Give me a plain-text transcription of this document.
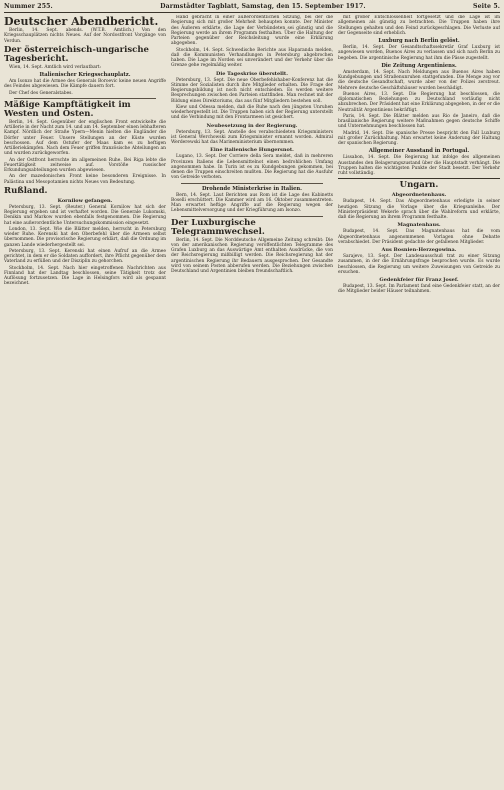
Nummer 255.	Darmstädter Tagblatt, Samstag, den 15. September 1917.	Seite 5.
Deutscher Abendbericht.

Berlin, 14. Sept. abends. (W.T.B. Amtlich.) Von den Kriegsschauplätzen nichts Neues. Auf der Nordostfront Vorgänge von Verdun.

Der österreichisch-ungarische Tagesbericht.

Wien, 14. Sept. Amtlich wird verlautbart:

Italienischer Kriegsschauplatz.

Am Isonzo hat die Armee des Generals Boroevic keine neuen Angriffe des Feindes abgewiesen. Die Kämpfe dauern fort.

Der Chef des Generalstabes.

Mäßige Kampftätigkeit im Westen und Osten.

Berlin, 14. Sept. Gegenüber der englischen Front entwickelte die Artillerie in der Nacht zum 14. und am 14. September einen lebhafteren Kampf. Nördlich der Straße Ypern—Menin hielten die Engländer die Dörfer unter Feuer. Unsere Stellungen an der Küste wurden beschossen. Auf dem Ostufer der Maas kam es zu heftigen Artilleriekämpfen. Nach dem Feuer griffen französische Abteilungen an und wurden zurückgeworfen.

An der Ostfront herrschte im allgemeinen Ruhe. Bei Riga lebte die Feuertätigkeit zeitweise auf. Vorstöße russischer Erkundungsabteilungen wurden abgewiesen.

An der mazedonischen Front keine besonderen Ereignisse. In Palästina und Mesopotamien nichts Neues von Bedeutung.

Rußland.
Kornilow gefangen.

Petersburg, 13. Sept. (Reuter.) General Kornilow hat sich der Regierung ergeben und ist verhaftet worden. Die Generale Lukomski, Denikin und Markow wurden ebenfalls festgenommen. Die Regierung hat eine außerordentliche Untersuchungskommission eingesetzt.

London, 13. Sept. Wie die Blätter melden, herrscht in Petersburg wieder Ruhe. Kerenski hat den Oberbefehl über die Armeen selbst übernommen. Die provisorische Regierung erklärt, daß die Ordnung im ganzen Lande wiederhergestellt sei.

Petersburg, 13. Sept. Kerenski hat einen Aufruf an die Armee gerichtet, in dem er die Soldaten auffordert, ihre Pflicht gegenüber dem Vaterland zu erfüllen und der Disziplin zu gehorchen.

Stockholm, 14. Sept. Nach hier eingetroffenen Nachrichten aus Finnland hat der Landtag beschlossen, seine Tätigkeit trotz der Auflösung fortzusetzen. Die Lage in Helsingfors wird als gespannt bezeichnet.

Hand gebracht in einer außerordentlichen Sitzung, bei der die Regierung sich mit großer Mehrheit behaupten konnte. Der Minister des Äußeren erklärte, die Lage der Verbündeten sei günstig und die Regierung werde an ihrem Programm festhalten. Über die Haltung der Parteien gegenüber der Reichsleitung wurde eine Erklärung abgegeben.

Stockholm, 14. Sept. Schwedische Berichte aus Haparanda melden, daß die Kommunisten Verhandlungen in Petersburg abgebrochen haben. Die Lage im Norden sei unverändert und der Verkehr über die Grenze gehe regelmäßig weiter.

Die Tageskrise überstellt.

Petersburg, 13. Sept. Die neue Oberbefehlshaber-Konferenz hat die Stimme der Sozialisten durch ihre Mitglieder erhalten. Die Frage der Regierungsbildung ist noch nicht entschieden. Es werden weitere Besprechungen zwischen den Parteien stattfinden. Man rechnet mit der Bildung eines Direktoriums, das aus fünf Mitgliedern bestehen soll.

Kiew und Odessa melden, daß die Ruhe nach den jüngsten Unruhen wiederhergestellt ist. Die Truppen haben sich der Regierung unterstellt und die Verbindung mit den Frontarmeen ist gesichert.

Neubesetzung in der Regierung.

Petersburg, 13. Sept. Anstelle des verabschiedeten Kriegsministers ist General Werchowski zum Kriegsminister ernannt worden. Admiral Werderewski hat das Marineministerium übernommen.

Eine italienische Hungersnot.

Lugano, 13. Sept. Der Corriere della Sera meldet, daß in mehreren Provinzen Italiens die Lebensmittelnot einen bedrohlichen Umfang angenommen habe. In Turin ist es zu Kundgebungen gekommen, bei denen die Truppen einschreiten mußten. Die Regierung hat die Ausfuhr von Getreide verboten.

Drohende Ministerkrise in Italien.

Bern, 14. Sept. Laut Berichten aus Rom ist die Lage des Kabinetts Boselli erschüttert. Die Kammer wird am 16. Oktober zusammentreten. Man erwartet heftige Angriffe auf die Regierung wegen der Lebensmittelversorgung und der Kriegführung am Isonzo.

Der Luxburgische Telegrammwechsel.

Berlin, 14. Sept. Die Norddeutsche Allgemeine Zeitung schreibt: Die von der amerikanischen Regierung veröffentlichten Telegramme des Grafen Luxburg an das Auswärtige Amt enthalten Ausdrücke, die von der Reichsregierung mißbilligt werden. Die Reichsregierung hat der argentinischen Regierung ihr Bedauern ausgesprochen. Der Gesandte wird von seinem Posten abberufen werden. Die Beziehungen zwischen Deutschland und Argentinien bleiben freundschaftlich.

mit großer Entschlossenheit fortgesetzt und die Lage ist im allgemeinen als günstig zu betrachten. Die Truppen haben ihre Stellungen gehalten und den Feind zurückgeschlagen. Die Verluste auf der Gegenseite sind erheblich.

Luxburg nach Berlin gelöst.

Berlin, 14. Sept. Der Gesandtschaftssekretär Graf Luxburg ist angewiesen worden, Buenos Aires zu verlassen und sich nach Berlin zu begeben. Die argentinische Regierung hat ihm die Pässe zugestellt.

Die Zeitung Argentiniens.

Amsterdam, 14. Sept. Nach Meldungen aus Buenos Aires haben Kundgebungen und Straßenunruhen stattgefunden. Die Menge zog vor die deutsche Gesandtschaft, wurde aber von der Polizei zerstreut. Mehrere deutsche Geschäftshäuser wurden beschädigt.

Buenos Aires, 13. Sept. Die Regierung hat beschlossen, die diplomatischen Beziehungen zu Deutschland vorläufig nicht abzubrechen. Der Präsident hat eine Erklärung abgegeben, in der er die Neutralität Argentiniens bekräftigt.

Paris, 14. Sept. Die Blätter melden aus Rio de Janeiro, daß die brasilianische Regierung weitere Maßnahmen gegen deutsche Schiffe und Unternehmungen beschlossen hat.

Madrid, 14. Sept. Die spanische Presse bespricht den Fall Luxburg mit großer Zurückhaltung. Man erwartet keine Änderung der Haltung der spanischen Regierung.

Allgemeiner Ausstand in Portugal.

Lissabon, 14. Sept. Die Regierung hat infolge des allgemeinen Ausstandes den Belagerungszustand über die Hauptstadt verhängt. Die Truppen halten die wichtigsten Punkte der Stadt besetzt. Der Verkehr ruht vollständig.

Ungarn.
Abgeordnetenhaus.

Budapest, 14. Sept. Das Abgeordnetenhaus erledigte in seiner heutigen Sitzung die Vorlage über die Kriegsanleihe. Der Ministerpräsident Wekerle sprach über die Wahlreform und erklärte, daß die Regierung an ihrem Programm festhalte.

Magnatenhaus.

Budapest, 14. Sept. Das Magnatenhaus hat die vom Abgeordnetenhaus angenommenen Vorlagen ohne Debatte verabschiedet. Der Präsident gedachte der gefallenen Mitglieder.

Aus Bosnien-Herzegowina.

Sarajevo, 13. Sept. Der Landesausschuß trat zu einer Sitzung zusammen, in der die Ernährungsfrage besprochen wurde. Es wurde beschlossen, die Regierung um weitere Zuweisungen von Getreide zu ersuchen.

Gedenkfeier für Franz Josef.

Budapest, 13. Sept. Im Parlament fand eine Gedenkfeier statt, an der die Mitglieder beider Häuser teilnahmen.
